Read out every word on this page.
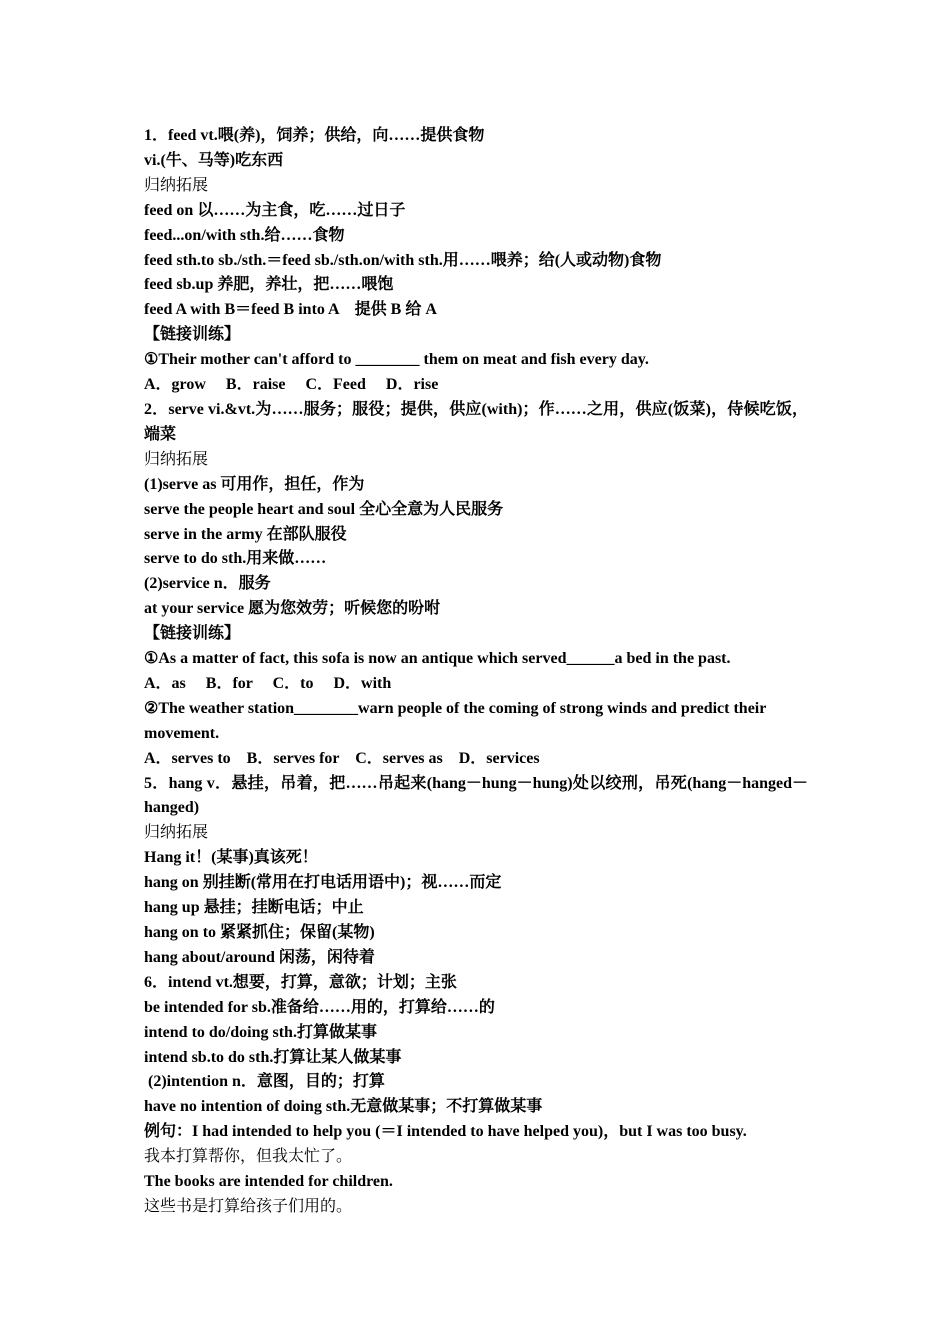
1．feed vt.喂(养)，饲养；供给，向……提供食物

vi.(牛、马等)吃东西

归纳拓展

feed on 以……为主食，吃……过日子

feed...on/with sth.给……食物

feed sth.to sb./sth.＝feed sb./sth.on/with sth.用……喂养；给(人或动物)食物

feed sb.up 养肥，养壮，把……喂饱

feed A with B＝feed B into A　提供 B 给 A

【链接训练】

①Their mother can't afford to ________ them on meat and fish every day.

A．grow　 B．raise　 C．Feed　 D．rise

2．serve vi.&vt.为……服务；服役；提供，供应(with)；作……之用，供应(饭菜)，侍候吃饭，端菜

归纳拓展

(1)serve as 可用作，担任，作为

serve the people heart and soul 全心全意为人民服务

serve in the army 在部队服役

serve to do sth.用来做……

(2)service n．服务

at your service 愿为您效劳；听候您的吩咐

【链接训练】

①As a matter of fact, this sofa is now an antique which served______a bed in the past.

A．as　 B．for　 C．to　 D．with

②The weather station________warn people of the coming of strong winds and predict their movement.

A．serves to　B．serves for　C．serves as　D．services

5．hang v．悬挂，吊着，把……吊起来(hang－hung－hung)处以绞刑，吊死(hang－hanged－hanged)

归纳拓展

Hang it！(某事)真该死！

hang on 别挂断(常用在打电话用语中)；视……而定

hang up 悬挂；挂断电话；中止

hang on to 紧紧抓住；保留(某物)

hang about/around 闲荡，闲待着

6．intend vt.想要，打算，意欲；计划；主张

be intended for sb.准备给……用的，打算给……的

intend to do/doing sth.打算做某事

intend sb.to do sth.打算让某人做某事

(2)intention n．意图，目的；打算

have no intention of doing sth.无意做某事；不打算做某事

例句：I had intended to help you (＝I intended to have helped you)，but I was too busy.

我本打算帮你，但我太忙了。

The books are intended for children.

这些书是打算给孩子们用的。
